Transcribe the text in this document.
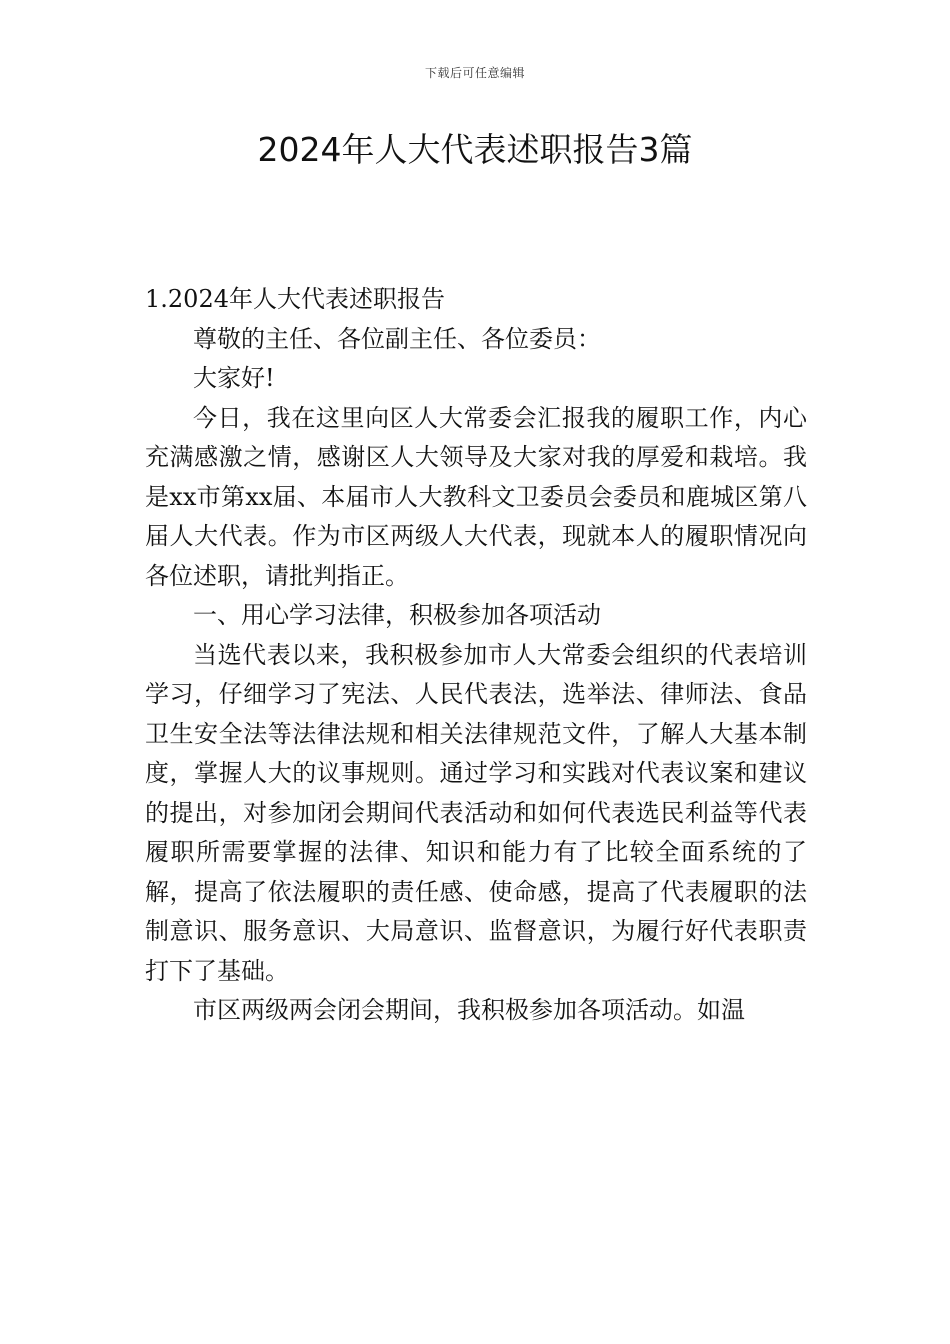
下载后可任意编辑
2024年人大代表述职报告3篇

1.2024年人大代表述职报告

尊敬的主任、各位副主任、各位委员：

大家好!

今日，我在这里向区人大常委会汇报我的履职工作，内心充满感激之情，感谢区人大领导及大家对我的厚爱和栽培。我是xx市第xx届、本届市人大教科文卫委员会委员和鹿城区第八届人大代表。作为市区两级人大代表，现就本人的履职情况向各位述职，请批判指正。

一、用心学习法律，积极参加各项活动

当选代表以来，我积极参加市人大常委会组织的代表培训学习，仔细学习了宪法、人民代表法，选举法、律师法、食品卫生安全法等法律法规和相关法律规范文件，了解人大基本制度，掌握人大的议事规则。通过学习和实践对代表议案和建议的提出，对参加闭会期间代表活动和如何代表选民利益等代表履职所需要掌握的法律、知识和能力有了比较全面系统的了解，提高了依法履职的责任感、使命感，提高了代表履职的法制意识、服务意识、大局意识、监督意识，为履行好代表职责打下了基础。

市区两级两会闭会期间，我积极参加各项活动。如温
